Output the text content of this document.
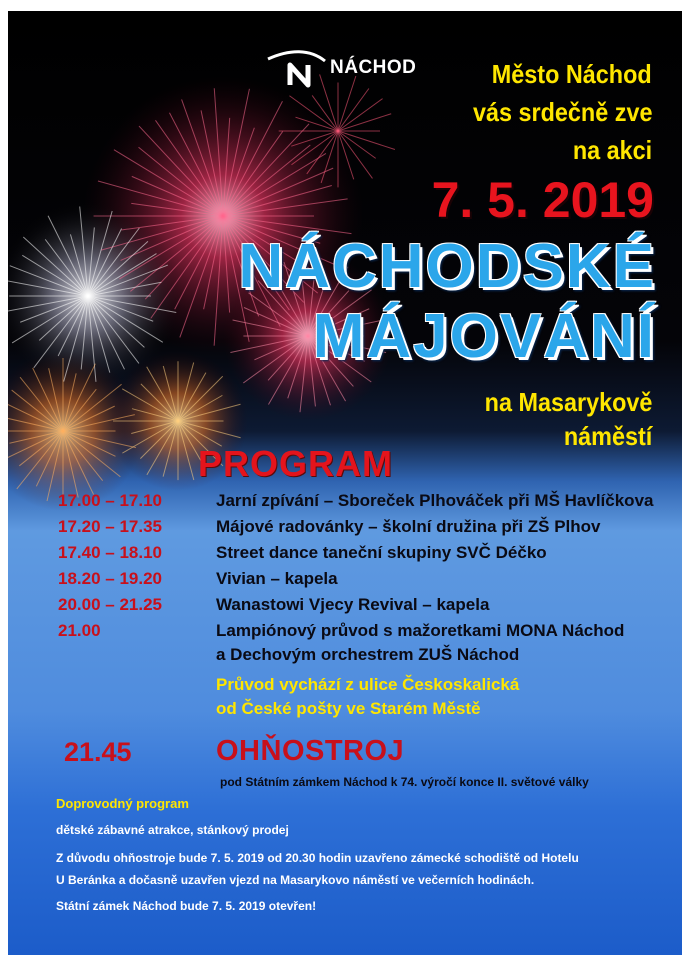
NÁCHOD	Město Náchod
vás srdečně zve
na akci
7. 5. 2019
NÁCHODSKÉ
MÁJOVÁNÍ
na Masarykově
náměstí
PROGRAM
17.00 – 17.10	Jarní zpívání – Sboreček Plhováček při MŠ Havlíčkova
17.20 – 17.35	Májové radovánky – školní družina při ZŠ Plhov
17.40 – 18.10	Street dance taneční skupiny SVČ Déčko
18.20 – 19.20	Vivian – kapela
20.00 – 21.25	Wanastowi Vjecy Revival – kapela
21.00	Lampiónový průvod s mažoretkami MONA Náchod
a Dechovým orchestrem ZUŠ Náchod
Průvod vychází z ulice Českoskalická
od České pošty ve Starém Městě
21.45	OHŇOSTROJ
pod Státním zámkem Náchod k 74. výročí konce II. světové války
Doprovodný program
dětské zábavné atrakce, stánkový prodej
Z důvodu ohňostroje bude 7. 5. 2019 od 20.30 hodin uzavřeno zámecké schodiště od Hotelu
U Beránka a dočasně uzavřen vjezd na Masarykovo náměstí ve večerních hodinách.
Státní zámek Náchod bude 7. 5. 2019 otevřen!
